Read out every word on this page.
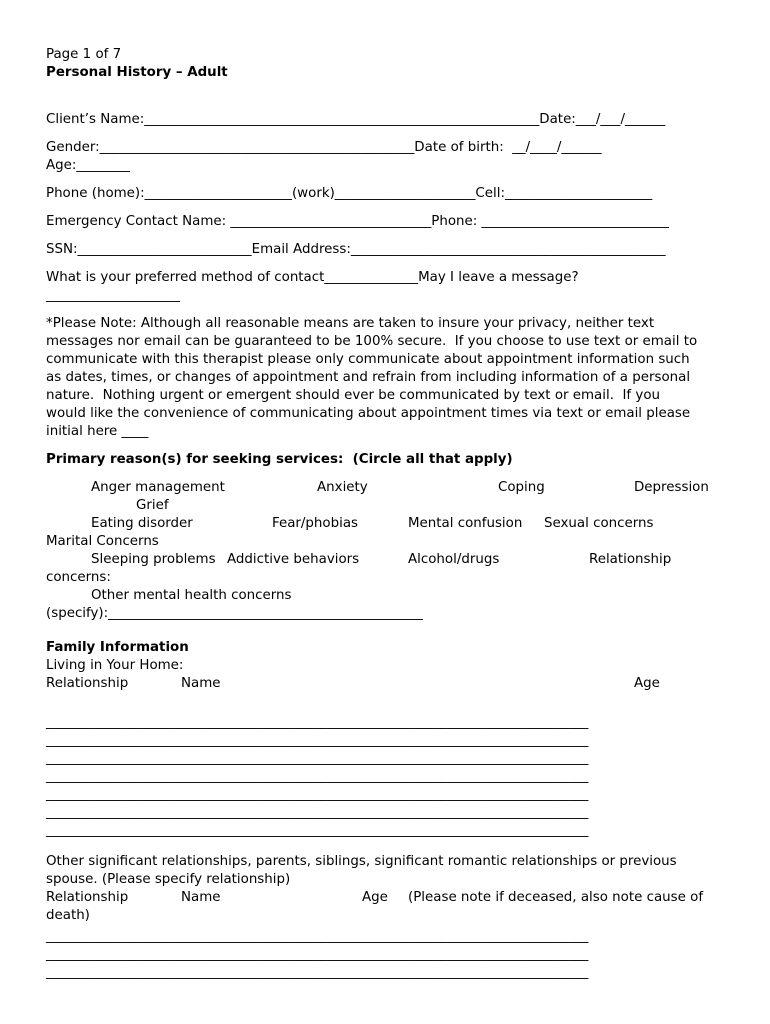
Page 1 of 7

Personal History – Adult

Client’s Name:___________________________________________________________Date:___/___/______

Gender:_______________________________________________Date of birth:  __/____/______

Age:________

Phone (home):______________________(work)_____________________Cell:______________________

Emergency Contact Name: ______________________________Phone: ____________________________

SSN:__________________________Email Address:_______________________________________________

What is your preferred method of contact______________May I leave a message?

____________________

*Please Note: Although all reasonable means are taken to insure your privacy, neither text

messages nor email can be guaranteed to be 100% secure.  If you choose to use text or email to

communicate with this therapist please only communicate about appointment information such

as dates, times, or changes of appointment and refrain from including information of a personal

nature.  Nothing urgent or emergent should ever be communicated by text or email.  If you

would like the convenience of communicating about appointment times via text or email please

initial here ____

Primary reason(s) for seeking services:  (Circle all that apply)

Anger management	Anxiety	Coping	Depression
Grief
Eating disorder	Fear/phobias	Mental confusion Sexual concerns
Marital Concerns
Sleeping problems Addictive behaviors	Alcohol/drugs	Relationship
concerns:
Other mental health concerns
(specify):_______________________________________________

Family Information

Living in Your Home:

Relationship	Name	Age

_________________________________________________________________________________

_________________________________________________________________________________

_________________________________________________________________________________

_________________________________________________________________________________

_________________________________________________________________________________

_________________________________________________________________________________

_________________________________________________________________________________

Other significant relationships, parents, siblings, significant romantic relationships or previous

spouse. (Please specify relationship)

Relationship	Name	Age (Please note if deceased, also note cause of
death)

_________________________________________________________________________________

_________________________________________________________________________________

_________________________________________________________________________________
